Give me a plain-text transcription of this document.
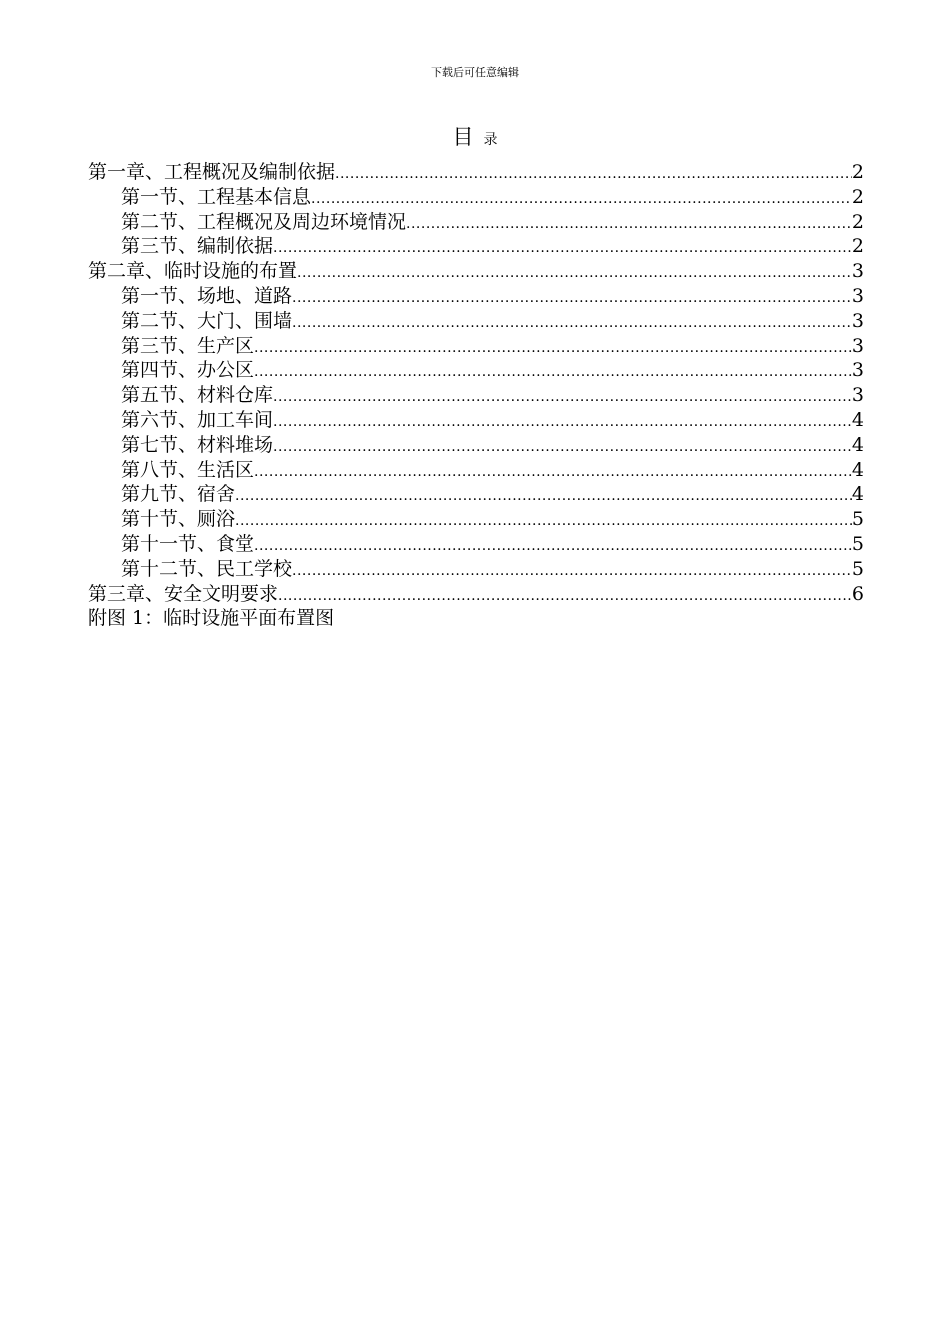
下载后可任意编辑
目录
第一章、工程概况及编制依据 .....	2
第一节、工程基本信息 .....	2
第二节、工程概况及周边环境情况 .....	2
第三节、编制依据 .....	2
第二章、临时设施的布置 .....	3
第一节、场地、道路 .....	3
第二节、大门、围墙 .....	3
第三节、生产区 .....	3
第四节、办公区 .....	3
第五节、材料仓库 .....	3
第六节、加工车间 .....	4
第七节、材料堆场 .....	4
第八节、生活区 .....	4
第九节、宿舍 .....	4
第十节、厕浴 .....	5
第十一节、食堂 .....	5
第十二节、民工学校 .....	5
第三章、安全文明要求 .....	6
附图 1：临时设施平面布置图
